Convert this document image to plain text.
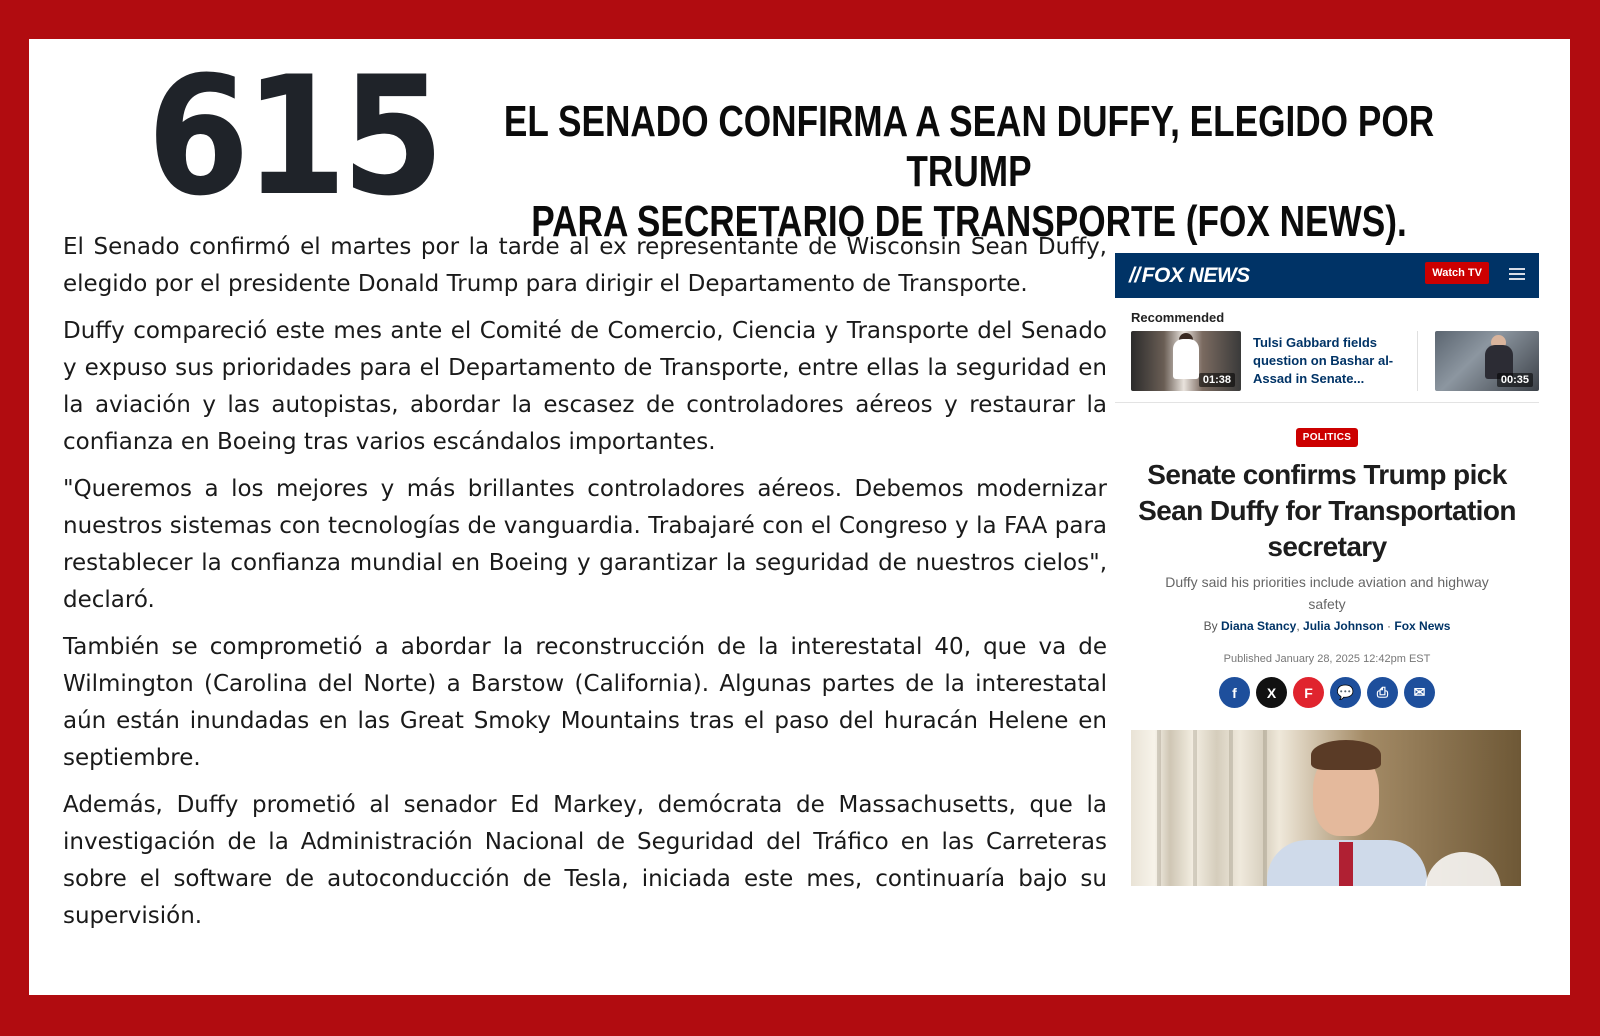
615 EL SENADO CONFIRMA A SEAN DUFFY, ELEGIDO POR TRUMP
PARA SECRETARIO DE TRANSPORTE (FOX NEWS).

El Senado confirmó el martes por la tarde al ex representante de Wisconsin Sean Duffy, elegido por el presidente Donald Trump para dirigir el Departamento de Transporte.

Duffy compareció este mes ante el Comité de Comercio, Ciencia y Transporte del Senado y expuso sus prioridades para el Departamento de Transporte, entre ellas la seguridad en la aviación y las autopistas, abordar la escasez de controladores aéreos y restaurar la confianza en Boeing tras varios escándalos importantes.

"Queremos a los mejores y más brillantes controladores aéreos. Debemos modernizar nuestros sistemas con tecnologías de vanguardia. Trabajaré con el Congreso y la FAA para restablecer la confianza mundial en Boeing y garantizar la seguridad de nuestros cielos", declaró.

También se comprometió a abordar la reconstrucción de la interestatal 40, que va de Wilmington (Carolina del Norte) a Barstow (California). Algunas partes de la interestatal aún están inundadas en las Great Smoky Mountains tras el paso del huracán Helene en septiembre.

Además, Duffy prometió al senador Ed Markey, demócrata de Massachusetts, que la investigación de la Administración Nacional de Seguridad del Tráfico en las Carreteras sobre el software de autoconducción de Tesla, iniciada este mes, continuaría bajo su supervisión.

//FOX NEWS	Watch TV
Recommended
01:38
Tulsi Gabbard fields question on Bashar al-Assad in Senate...	00:35
POLITICS
Senate confirms Trump pick Sean Duffy for Transportation secretary
Duffy said his priorities include aviation and highway safety
By Diana Stancy, Julia Johnson · Fox News
Published January 28, 2025 12:42pm EST
f	X	F	💬	⎙	✉
